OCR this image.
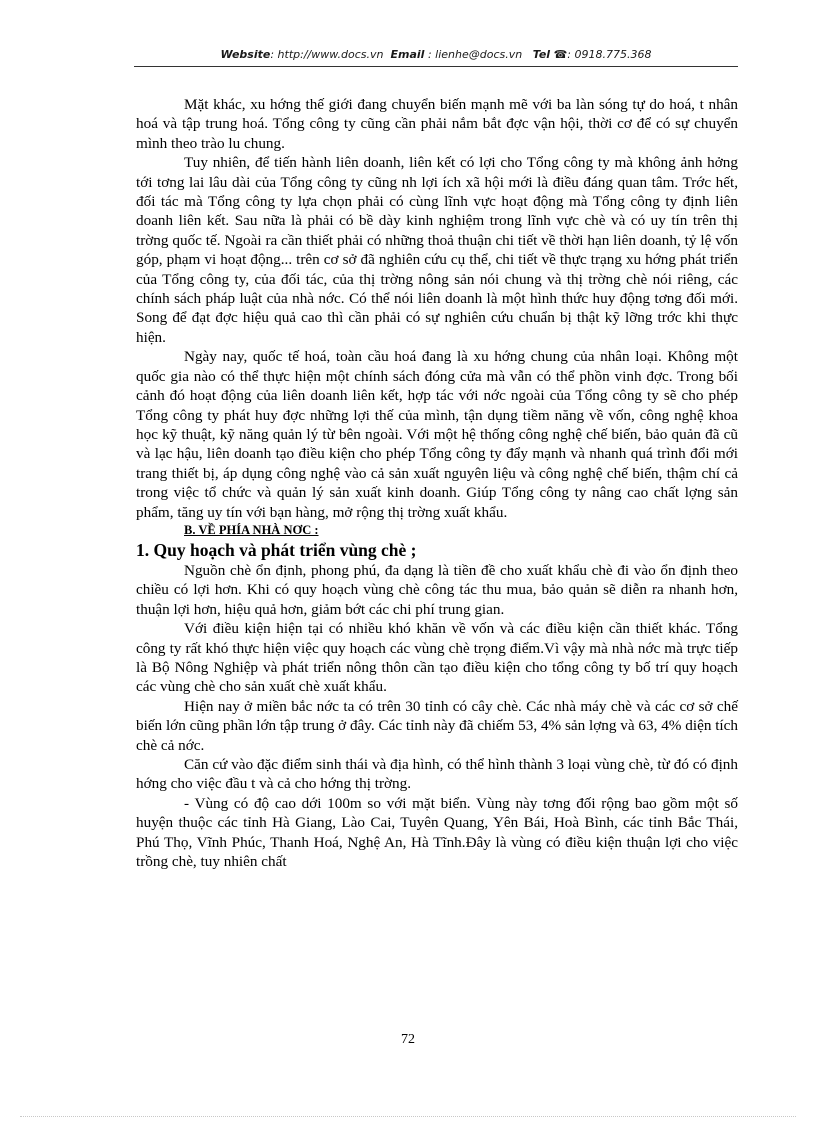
Website: http://www.docs.vn Email : lienhe@docs.vn Tel ☎: 0918.775.368

Mặt khác, xu hớng thế giới đang chuyển biến mạnh mẽ với ba làn sóng tự do hoá, t nhân hoá và tập trung hoá. Tổng công ty cũng cần phải nắm bắt đợc vận hội, thời cơ để có sự chuyển mình theo trào lu chung.

Tuy nhiên, để tiến hành liên doanh, liên kết có lợi cho Tổng công ty mà không ảnh hởng tới tơng lai lâu dài của Tổng công ty cũng nh lợi ích xã hội mới là điều đáng quan tâm. Trớc hết, đối tác mà Tổng công ty lựa chọn phải có cùng lĩnh vực hoạt động mà Tổng công ty định liên doanh liên kết. Sau nữa là phải có bề dày kinh nghiệm trong lĩnh vực chè và có uy tín trên thị trờng quốc tế. Ngoài ra cần thiết phải có những thoả thuận chi tiết về thời hạn liên doanh, tỷ lệ vốn góp, phạm vi hoạt động... trên cơ sở đã nghiên cứu cụ thể, chi tiết về thực trạng xu hớng phát triển của Tổng công ty, của đối tác, của thị trờng nông sản nói chung và thị trờng chè nói riêng, các chính sách pháp luật của nhà nớc. Có thể nói liên doanh là một hình thức huy động tơng đối mới. Song để đạt đợc hiệu quả cao thì cần phải có sự nghiên cứu chuẩn bị thật kỹ lỡng trớc khi thực hiện.

Ngày nay, quốc tế hoá, toàn cầu hoá đang là xu hớng chung của nhân loại. Không một quốc gia nào có thể thực hiện một chính sách đóng cửa mà vẫn có thể phồn vinh đợc. Trong bối cảnh đó hoạt động của liên doanh liên kết, hợp tác với nớc ngoài của Tổng công ty sẽ cho phép Tổng công ty phát huy đợc những lợi thế của mình, tận dụng tiềm năng về vốn, công nghệ khoa học kỹ thuật, kỹ năng quản lý từ bên ngoài. Với một hệ thống công nghệ chế biến, bảo quản đã cũ và lạc hậu, liên doanh tạo điều kiện cho phép Tổng công ty đẩy mạnh và nhanh quá trình đổi mới trang thiết bị, áp dụng công nghệ vào cả sản xuất nguyên liệu và công nghệ chế biến, thậm chí cả trong việc tổ chức và quản lý sản xuất kinh doanh. Giúp Tổng công ty nâng cao chất lợng sản phẩm, tăng uy tín với bạn hàng, mở rộng thị trờng xuất khẩu.

B. VỀ PHÍA NHÀ NƠC :
1. Quy hoạch và phát triển vùng chè ;

Nguồn chè ổn định, phong phú, đa dạng là tiền đề cho xuất khẩu chè đi vào ổn định theo chiều có lợi hơn. Khi có quy hoạch vùng chè công tác thu mua, bảo quản sẽ diễn ra nhanh hơn, thuận lợi hơn, hiệu quả hơn, giảm bớt các chi phí trung gian.

Với điều kiện hiện tại có nhiều khó khăn về vốn và các điều kiện cần thiết khác. Tổng công ty rất khó thực hiện việc quy hoạch các vùng chè trọng điểm.Vì vậy mà nhà nớc mà trực tiếp là Bộ Nông Nghiệp và phát triển nông thôn cần tạo điều kiện cho tổng công ty bố trí quy hoạch các vùng chè cho sản xuất chè xuất khẩu.

Hiện nay ở miền bắc nớc ta có trên 30 tỉnh có cây chè. Các nhà máy chè và các cơ sở chế biến lớn cũng phần lớn tập trung ở đây. Các tỉnh này đã chiếm 53, 4% sản lợng và 63, 4% diện tích chè cả nớc.

Căn cứ vào đặc điểm sinh thái và địa hình, có thể hình thành 3 loại vùng chè, từ đó có định hớng cho việc đầu t và cả cho hớng thị trờng.

- Vùng có độ cao dới 100m so với mặt biển. Vùng này tơng đối rộng bao gồm một số huyện thuộc các tỉnh Hà Giang, Lào Cai, Tuyên Quang, Yên Bái, Hoà Bình, các tỉnh Bắc Thái, Phú Thọ, Vĩnh Phúc, Thanh Hoá, Nghệ An, Hà Tĩnh.Đây là vùng có điều kiện thuận lợi cho việc trồng chè, tuy nhiên chất

72
